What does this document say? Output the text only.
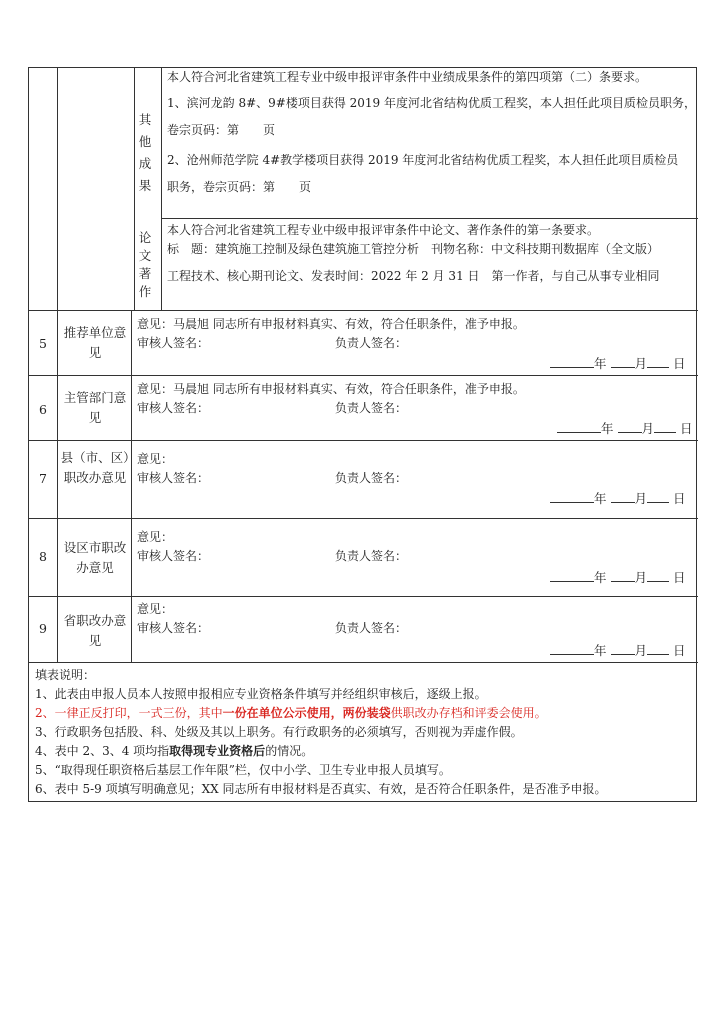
其
他
成
果
本人符合河北省建筑工程专业中级申报评审条件中业绩成果条件的第四项第（二）条要求。
1、滨河龙韵 8#、9#楼项目获得 2019 年度河北省结构优质工程奖，本人担任此项目质检员职务，
卷宗页码：第　　页
2、沧州师范学院 4#教学楼项目获得 2019 年度河北省结构优质工程奖，本人担任此项目质检员
职务，卷宗页码：第　　页
论
文
著
作
本人符合河北省建筑工程专业中级申报评审条件中论文、著作条件的第一条要求。
标　题：建筑施工控制及绿色建筑施工管控分析　刊物名称：中文科技期刊数据库（全文版）
工程技术、核心期刊论文、发表时间：2022 年 2 月 31 日　第一作者，与自己从事专业相同
5
推荐单位意见
意见：马晨旭 同志所有申报材料真实、有效，符合任职条件，准予申报。
审核人签名：	负责人签名：
年 月 日
6
主管部门意见
意见：马晨旭 同志所有申报材料真实、有效，符合任职条件，准予申报。
审核人签名：	负责人签名：
年 月 日
7
县（市、区）职改办意见
意见：
审核人签名：	负责人签名：
年 月 日
8
设区市职改办意见
意见：
审核人签名：	负责人签名：
年 月 日
9
省职改办意见
意见：
审核人签名：	负责人签名：
年 月 日
填表说明：
1、此表由申报人员本人按照申报相应专业资格条件填写并经组织审核后，逐级上报。
2、一律正反打印，一式三份，其中一份在单位公示使用，两份装袋供职改办存档和评委会使用。
3、行政职务包括股、科、处级及其以上职务。有行政职务的必须填写，否则视为弄虚作假。
4、表中 2、3、4 项均指取得现专业资格后的情况。
5、“取得现任职资格后基层工作年限”栏，仅中小学、卫生专业申报人员填写。
6、表中 5-9 项填写明确意见；XX 同志所有申报材料是否真实、有效，是否符合任职条件，是否准予申报。
